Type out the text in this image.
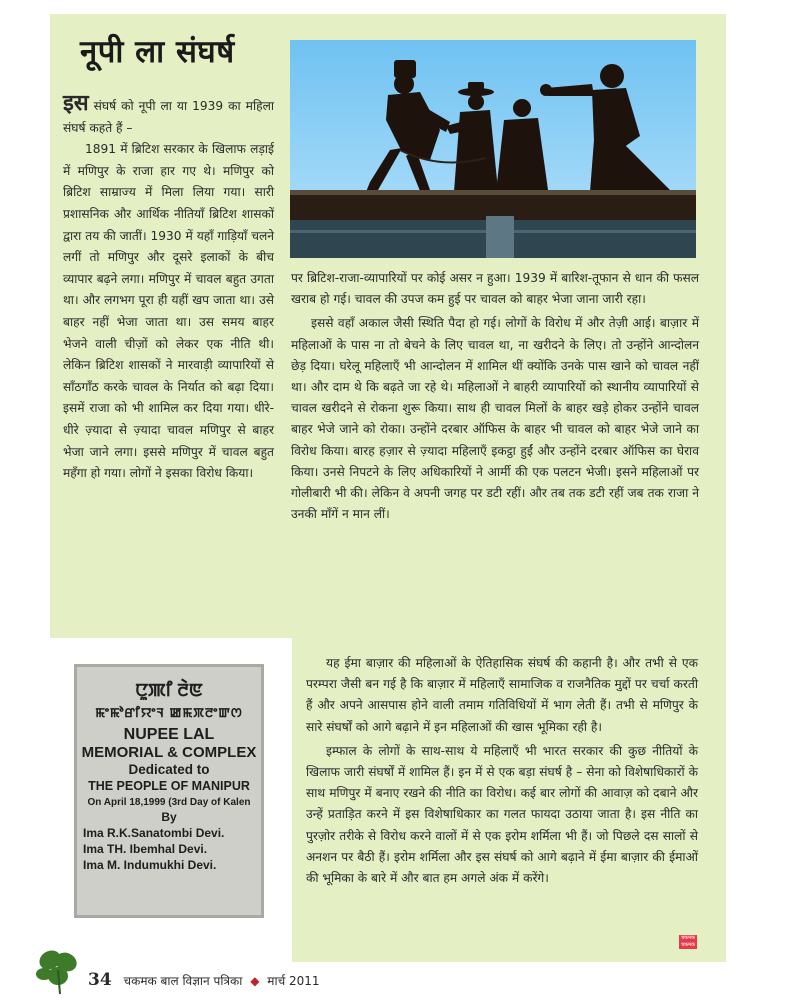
नूपी ला संघर्ष

इस संघर्ष को नूपी ला या 1939 का महिला संघर्ष कहते हैं –

1891 में ब्रिटिश सरकार के खिलाफ लड़ाई में मणिपुर के राजा हार गए थे। मणिपुर को ब्रिटिश साम्राज्य में मिला लिया गया। सारी प्रशासनिक और आर्थिक नीतियाँ ब्रिटिश शासकों द्वारा तय की जातीं। 1930 में यहाँ गाड़ियाँ चलने लगीं तो मणिपुर और दूसरे इलाकों के बीच व्यापार बढ़ने लगा। मणिपुर में चावल बहुत उगता था। और लगभग पूरा ही यहीं खप जाता था। उसे बाहर नहीं भेजा जाता था। उस समय बाहर भेजने वाली चीज़ों को लेकर एक नीति थी। लेकिन ब्रिटिश शासकों ने मारवाड़ी व्यापारियों से साँठगाँठ करके चावल के निर्यात को बढ़ा दिया। इसमें राजा को भी शामिल कर दिया गया। धीरे-धीरे ज़्यादा से ज़्यादा चावल मणिपुर से बाहर भेजा जाने लगा। इससे मणिपुर में चावल बहुत महँगा हो गया। लोगों ने इसका विरोध किया।

पर ब्रिटिश-राजा-व्यापारियों पर कोई असर न हुआ। 1939 में बारिश-तूफान से धान की फसल खराब हो गई। चावल की उपज कम हुई पर चावल को बाहर भेजा जाना जारी रहा।

इससे वहाँ अकाल जैसी स्थिति पैदा हो गई। लोगों के विरोध में और तेज़ी आई। बाज़ार में महिलाओं के पास ना तो बेचने के लिए चावल था, ना खरीदने के लिए। तो उन्होंने आन्दोलन छेड़ दिया। घरेलू महिलाएँ भी आन्दोलन में शामिल थीं क्योंकि उनके पास खाने को चावल नहीं था। और दाम थे कि बढ़ते जा रहे थे। महिलाओं ने बाहरी व्यापारियों को स्थानीय व्यापारियों से चावल खरीदने से रोकना शुरू किया। साथ ही चावल मिलों के बाहर खड़े होकर उन्होंने चावल बाहर भेजे जाने को रोका। उन्होंने दरबार ऑफिस के बाहर भी चावल को बाहर भेजे जाने का विरोध किया। बारह हज़ार से ज़्यादा महिलाएँ इकट्ठा हुईं और उन्होंने दरबार ऑफिस का घेराव किया। उनसे निपटने के लिए अधिकारियों ने आर्मी की एक पलटन भेजी। इसने महिलाओं पर गोलीबारी भी की। लेकिन वे अपनी जगह पर डटी रहीं। और तब तक डटी रहीं जब तक राजा ने उनकी माँगें न मान लीं।

ꯅꯨꯄꯤ ꯂꯥꯟ
ꯃꯦꯃꯣꯔꯤꯌꯦꯜ ꯀꯃꯞꯂꯦꯛꯁ
NUPEE LAL
MEMORIAL & COMPLEX
Dedicated to
THE PEOPLE OF MANIPUR
On April 18,1999 (3rd Day of Kalen
By
Ima R.K.Sanatombi Devi.
Ima TH. Ibemhal Devi.
Ima M. Indumukhi Devi.

यह ईमा बाज़ार की महिलाओं के ऐतिहासिक संघर्ष की कहानी है। और तभी से एक परम्परा जैसी बन गई है कि बाज़ार में महिलाएँ सामाजिक व राजनैतिक मुद्दों पर चर्चा करती हैं और अपने आसपास होने वाली तमाम गतिविधियों में भाग लेती हैं। तभी से मणिपुर के सारे संघर्षों को आगे बढ़ाने में इन महिलाओं की खास भूमिका रही है।

इम्फाल के लोगों के साथ-साथ ये महिलाएँ भी भारत सरकार की कुछ नीतियों के खिलाफ जारी संघर्षों में शामिल हैं। इन में से एक बड़ा संघर्ष है – सेना को विशेषाधिकारों के साथ मणिपुर में बनाए रखने की नीति का विरोध। कई बार लोगों की आवाज़ को दबाने और उन्हें प्रताड़ित करने में इस विशेषाधिकार का गलत फायदा उठाया जाता है। इस नीति का पुरज़ोर तरीके से विरोध करने वालों में से एक इरोम शर्मिला भी हैं। जो पिछले दस सालों से अनशन पर बैठी हैं। इरोम शर्मिला और इस संघर्ष को आगे बढ़ाने में ईमा बाज़ार की ईमाओं की भूमिका के बारे में और बात हम अगले अंक में करेंगे।

चकमक चकमक
34 चकमक बाल विज्ञान पत्रिका ◆ मार्च 2011
